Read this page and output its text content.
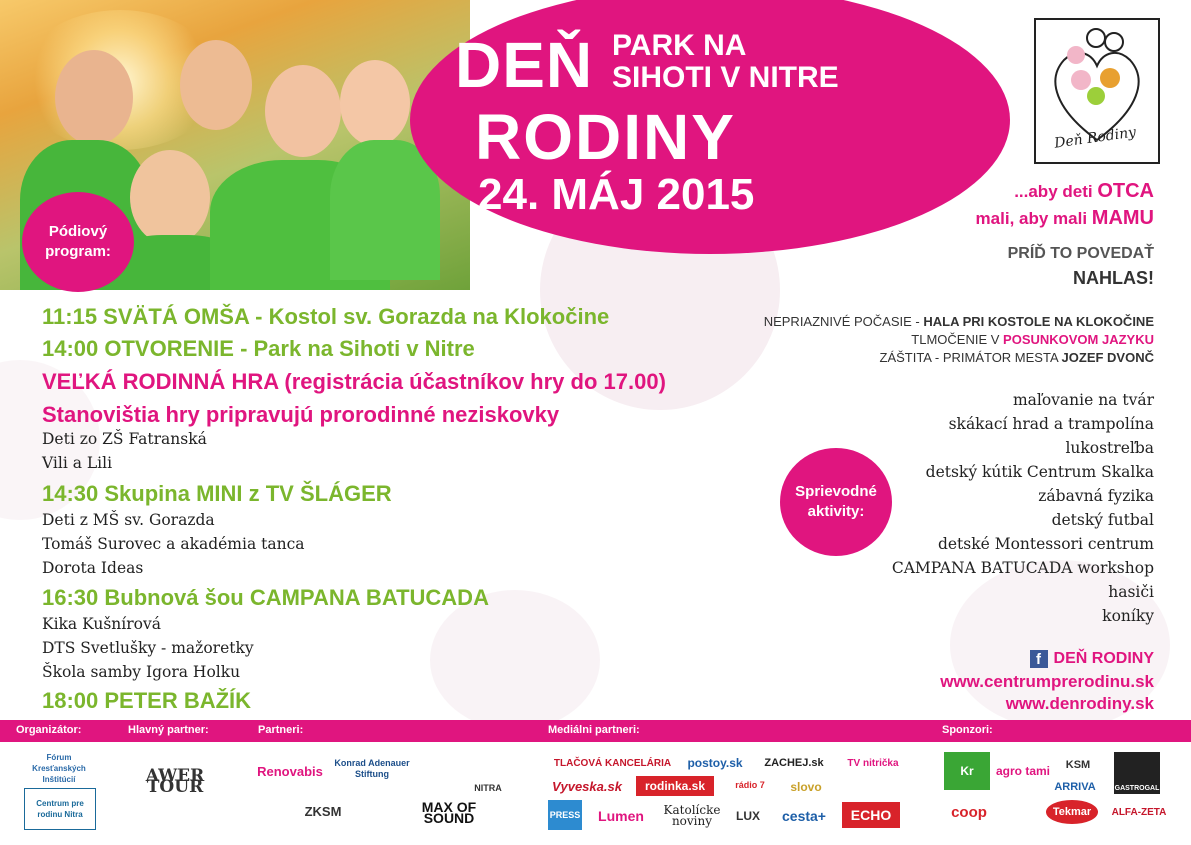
DEŇ PARK NA
SIHOTI V NITRE
RODINY
24. MÁJ 2015
Deň Rodiny
Pódiový
program:
Sprievodné
aktivity:
...aby deti OTCA
mali, aby mali MAMU
PRÍĎ TO POVEDAŤ
NAHLAS!
NEPRIAZNIVÉ POČASIE - HALA PRI KOSTOLE NA KLOKOČINE
TLMOČENIE V POSUNKOVOM JAZYKU
ZÁŠTITA - PRIMÁTOR MESTA JOZEF DVONČ
11:15 SVÄTÁ OMŠA - Kostol sv. Gorazda na Klokočine
14:00 OTVORENIE - Park na Sihoti v Nitre
VEĽKÁ RODINNÁ HRA (registrácia účastníkov hry do 17.00)
Stanovištia hry pripravujú prorodinné neziskovky
Deti zo ZŠ Fatranská
Vili a Lili
14:30 Skupina MINI z TV ŠLÁGER
Deti z MŠ sv. Gorazda
Tomáš Surovec a akadémia tanca
Dorota Ideas
16:30 Bubnová šou CAMPANA BATUCADA
Kika Kušnírová
DTS Svetlušky - mažoretky
Škola samby Igora Holku
18:00 PETER BAŽÍK
maľovanie na tvár
skákací hrad a trampolína
lukostreľba
detský kútik Centrum Skalka
zábavná fyzika
detský futbal
detské Montessori centrum
CAMPANA BATUCADA workshop
hasiči
koníky
f DEŇ RODINY
www.centrumprerodinu.sk
www.denrodiny.sk
Organizátor:	Hlavný partner:	Partneri:	Mediálni partneri:	Sponzori:
Fórum Kresťanských Inštitúcií
Centrum pre rodinu Nitra
AWER TOUR
Renovabis
Konrad Adenauer Stiftung
NITRA
ZKSM	MAX OF SOUND
TLAČOVÁ KANCELÁRIA	postoy.sk	ZACHEJ.sk	TV nitrička
Vyveska.sk	rodinka.sk	rádio 7	slovo
PRESS	Lumen	Katolícke noviny	LUX	cesta+	ECHO
Kr	agro tami	KSM
GASTROGAL
coop
ARRIVA
Tekmar	ALFA-ZETA
